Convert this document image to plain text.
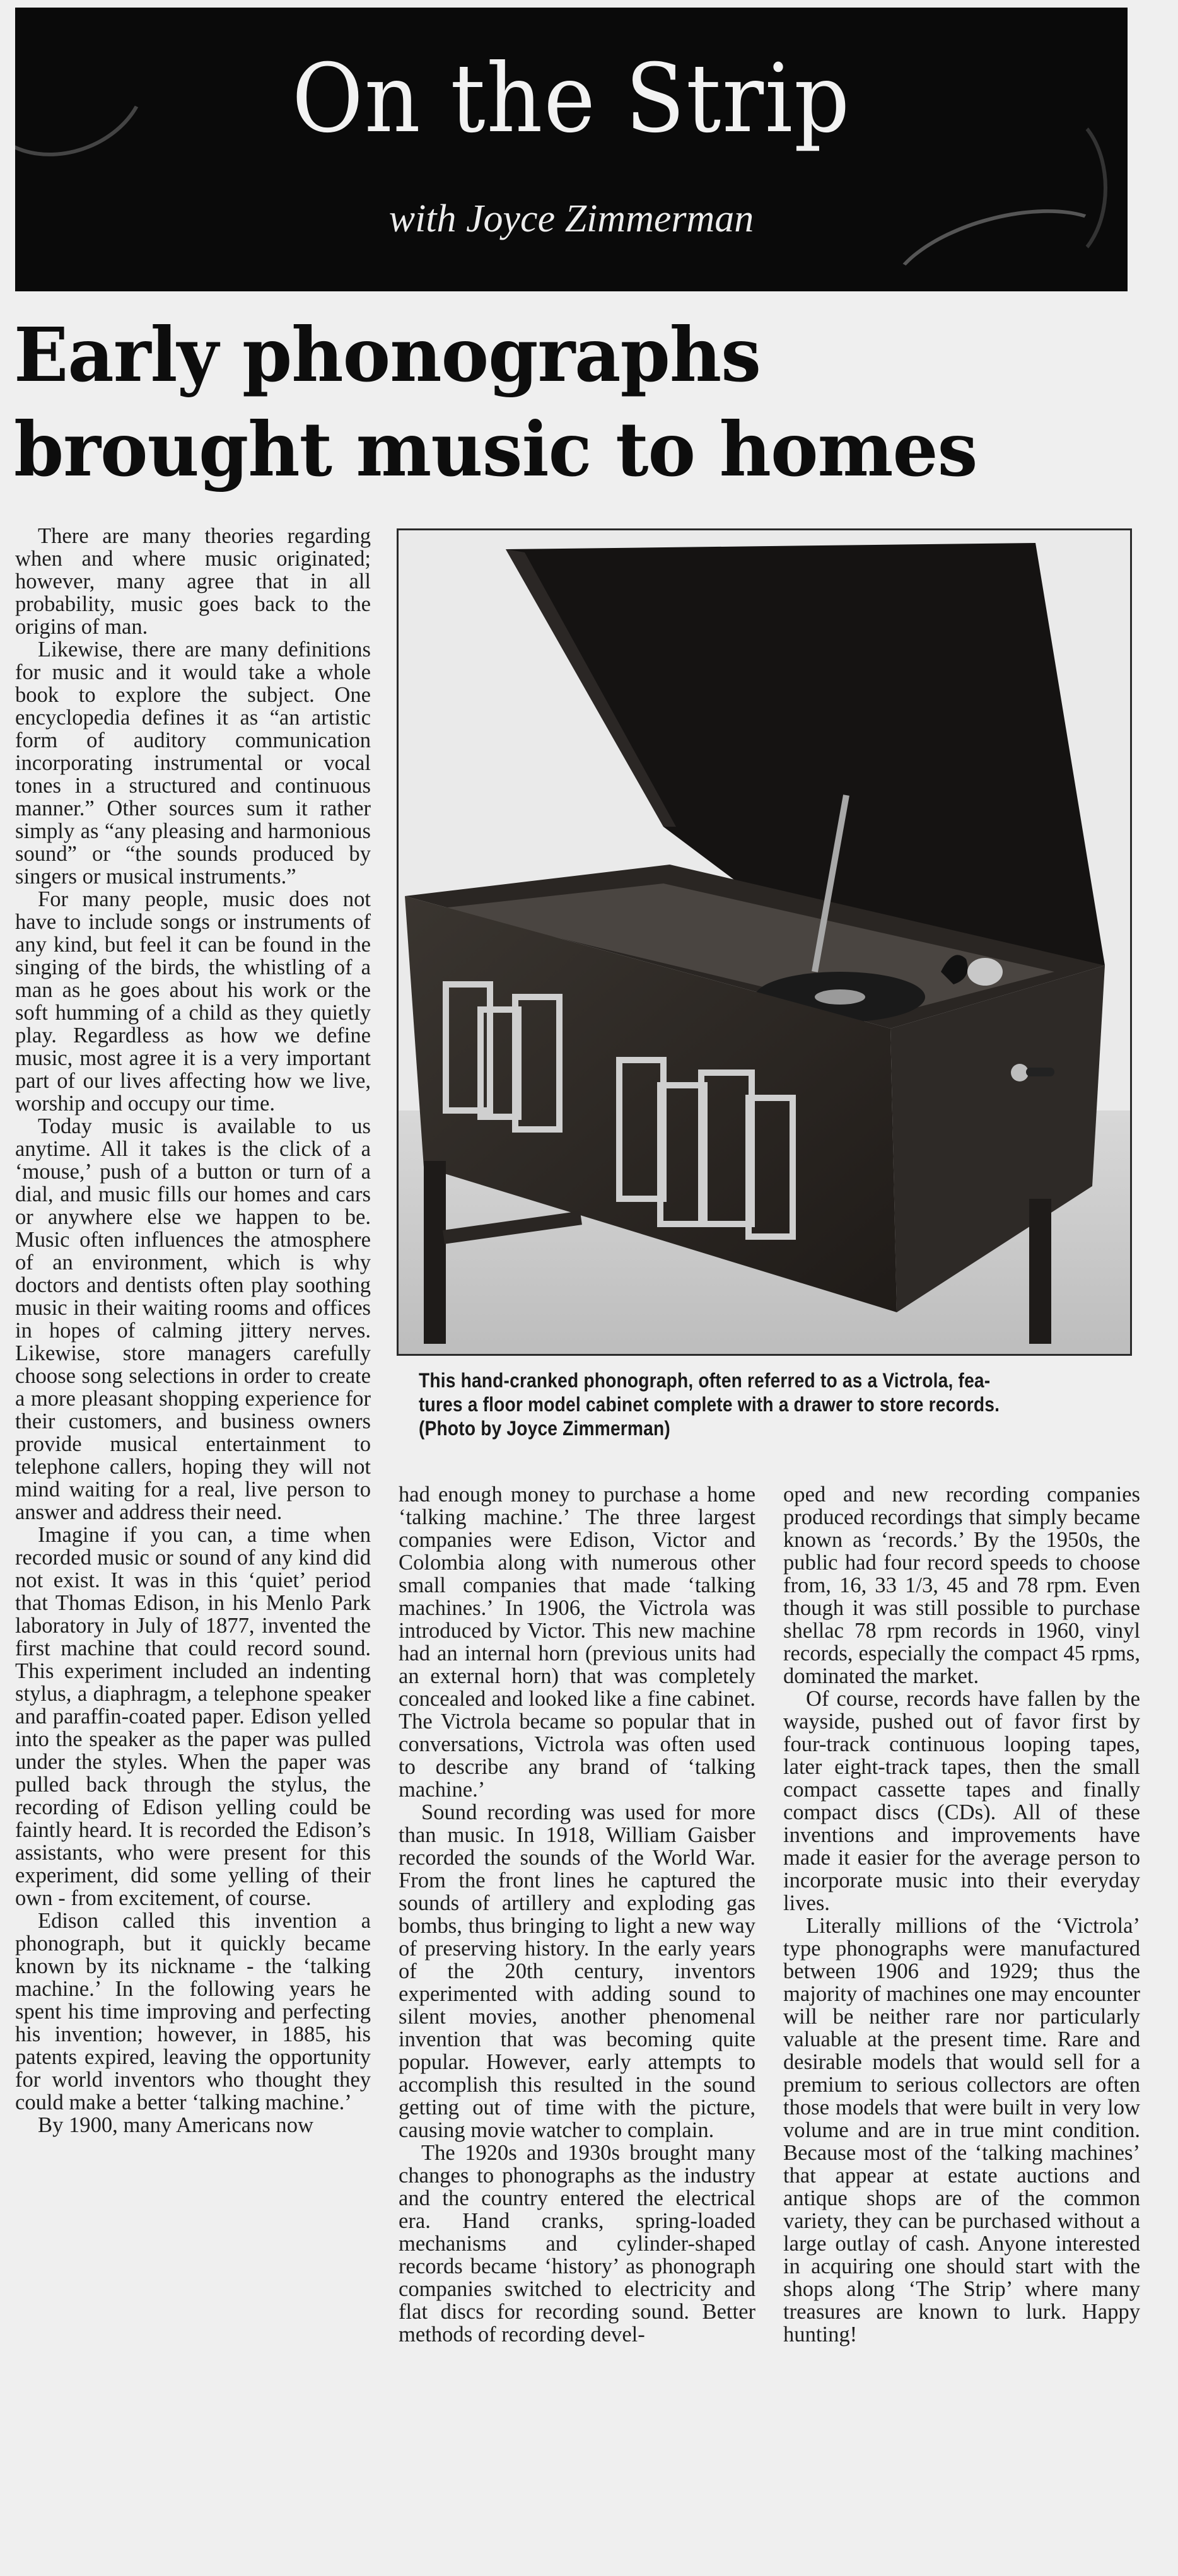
On the Strip
with Joyce Zimmerman
Early phonographs
brought music to homes

There are many theories regarding when and where music originated; however, many agree that in all probability, music goes back to the origins of man.

Likewise, there are many definitions for music and it would take a whole book to explore the subject. One encyclopedia defines it as “an artistic form of auditory communication incorporating instrumental or vocal tones in a structured and continuous manner.” Other sources sum it rather simply as “any pleasing and harmonious sound” or “the sounds produced by singers or musical instruments.”

For many people, music does not have to include songs or instruments of any kind, but feel it can be found in the singing of the birds, the whistling of a man as he goes about his work or the soft humming of a child as they quietly play. Regardless as how we define music, most agree it is a very important part of our lives affecting how we live, worship and occupy our time.

Today music is available to us anytime. All it takes is the click of a ‘mouse,’ push of a button or turn of a dial, and music fills our homes and cars or anywhere else we happen to be. Music often influences the atmosphere of an environment, which is why doctors and dentists often play soothing music in their waiting rooms and offices in hopes of calming jittery nerves. Likewise, store managers carefully choose song selections in order to create a more pleasant shopping experience for their customers, and business owners provide musical entertainment to telephone callers, hoping they will not mind waiting for a real, live person to answer and address their need.

Imagine if you can, a time when recorded music or sound of any kind did not exist. It was in this ‘quiet’ period that Thomas Edison, in his Menlo Park laboratory in July of 1877, invented the first machine that could record sound. This experiment included an indenting stylus, a diaphragm, a telephone speaker and paraffin-coated paper. Edison yelled into the speaker as the paper was pulled under the styles. When the paper was pulled back through the stylus, the recording of Edison yelling could be faintly heard. It is recorded the Edison’s assistants, who were present for this experiment, did some yelling of their own - from excitement, of course.

Edison called this invention a phonograph, but it quickly became known by its nickname - the ‘talking machine.’ In the following years he spent his time improving and perfecting his invention; however, in 1885, his patents expired, leaving the opportunity for world inventors who thought they could make a better ‘talking machine.’

By 1900, many Americans now

This hand-cranked phonograph, often referred to as a Victrola, fea-
tures a floor model cabinet complete with a drawer to store records.
(Photo by Joyce Zimmerman)

had enough money to purchase a home ‘talking machine.’ The three largest companies were Edison, Victor and Colombia along with numerous other small companies that made ‘talking machines.’ In 1906, the Victrola was introduced by Victor. This new machine had an internal horn (previous units had an external horn) that was completely concealed and looked like a fine cabinet. The Victrola became so popular that in conversations, Victrola was often used to describe any brand of ‘talking machine.’

Sound recording was used for more than music. In 1918, William Gaisber recorded the sounds of the World War. From the front lines he captured the sounds of artillery and exploding gas bombs, thus bringing to light a new way of preserving history. In the early years of the 20th century, inventors experimented with adding sound to silent movies, another phenomenal invention that was becoming quite popular. However, early attempts to accomplish this resulted in the sound getting out of time with the picture, causing movie watcher to complain.

The 1920s and 1930s brought many changes to phonographs as the industry and the country entered the electrical era. Hand cranks, spring-loaded mechanisms and cylinder-shaped records became ‘history’ as phonograph companies switched to electricity and flat discs for recording sound. Better methods of recording devel-

oped and new recording companies produced recordings that simply became known as ‘records.’ By the 1950s, the public had four record speeds to choose from, 16, 33 1/3, 45 and 78 rpm. Even though it was still possible to purchase shellac 78 rpm records in 1960, vinyl records, especially the compact 45 rpms, dominated the market.

Of course, records have fallen by the wayside, pushed out of favor first by four-track continuous looping tapes, later eight-track tapes, then the small compact cassette tapes and finally compact discs (CDs). All of these inventions and improvements have made it easier for the average person to incorporate music into their everyday lives.

Literally millions of the ‘Victrola’ type phonographs were manufactured between 1906 and 1929; thus the majority of machines one may encounter will be neither rare nor particularly valuable at the present time. Rare and desirable models that would sell for a premium to serious collectors are often those models that were built in very low volume and are in true mint condition. Because most of the ‘talking machines’ that appear at estate auctions and antique shops are of the common variety, they can be purchased without a large outlay of cash. Anyone interested in acquiring one should start with the shops along ‘The Strip’ where many treasures are known to lurk. Happy hunting!
